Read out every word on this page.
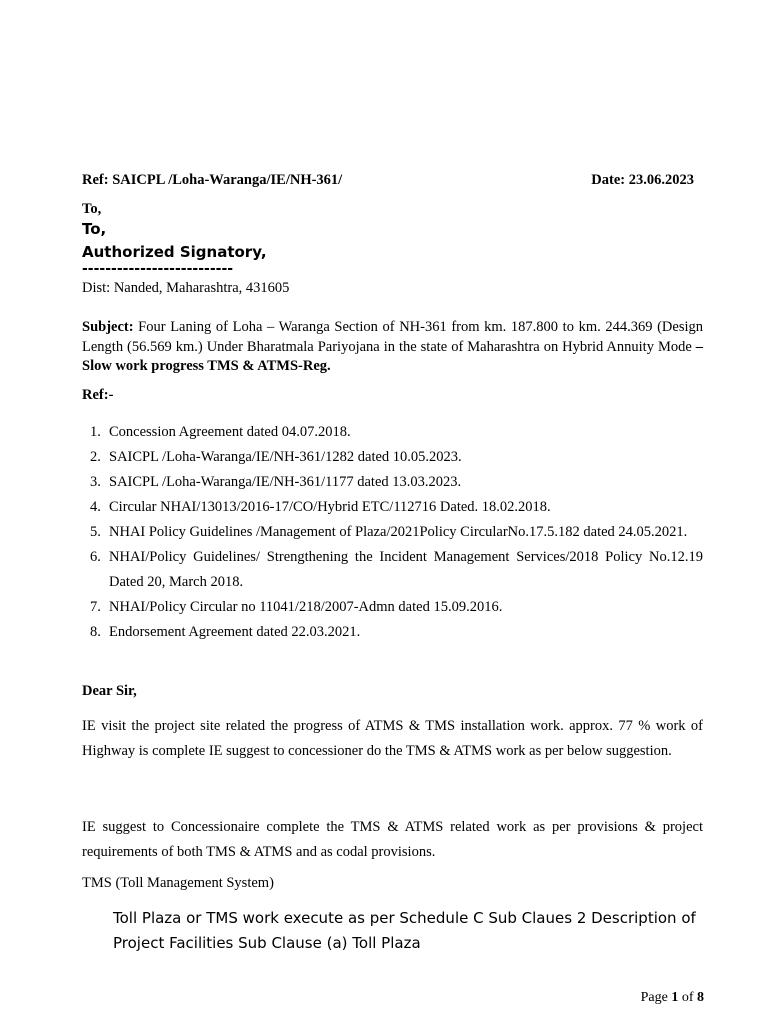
Ref: SAICPL /Loha-Waranga/IE/NH-361/	Date: 23.06.2023
To,
To,
Authorized Signatory,
--------------------------
Dist: Nanded, Maharashtra, 431605
Subject: Four Laning of Loha – Waranga Section of NH-361 from km. 187.800 to km. 244.369 (Design Length (56.569 km.) Under Bharatmala Pariyojana in the state of Maharashtra on Hybrid Annuity Mode –Slow work progress TMS & ATMS-Reg.
Ref:-
1. Concession Agreement dated 04.07.2018.
2. SAICPL /Loha-Waranga/IE/NH-361/1282 dated 10.05.2023.
3. SAICPL /Loha-Waranga/IE/NH-361/1177 dated 13.03.2023.
4. Circular NHAI/13013/2016-17/CO/Hybrid ETC/112716 Dated. 18.02.2018.
5. NHAI Policy Guidelines /Management of Plaza/2021Policy CircularNo.17.5.182 dated 24.05.2021.
6. NHAI/Policy Guidelines/ Strengthening the Incident Management Services/2018 Policy No.12.19 Dated 20, March 2018.
7. NHAI/Policy Circular no 11041/218/2007-Admn dated 15.09.2016.
8. Endorsement Agreement dated 22.03.2021.
Dear Sir,
IE visit the project site related the progress of ATMS & TMS installation work. approx. 77 % work of Highway is complete IE suggest to concessioner do the TMS & ATMS work as per below suggestion.
IE suggest to Concessionaire complete the TMS & ATMS related work as per provisions & project requirements of both TMS & ATMS and as codal provisions.
TMS (Toll Management System)
Toll Plaza or TMS work execute as per Schedule C Sub Claues 2 Description of Project Facilities Sub Clause (a) Toll Plaza
Page 1 of 8
